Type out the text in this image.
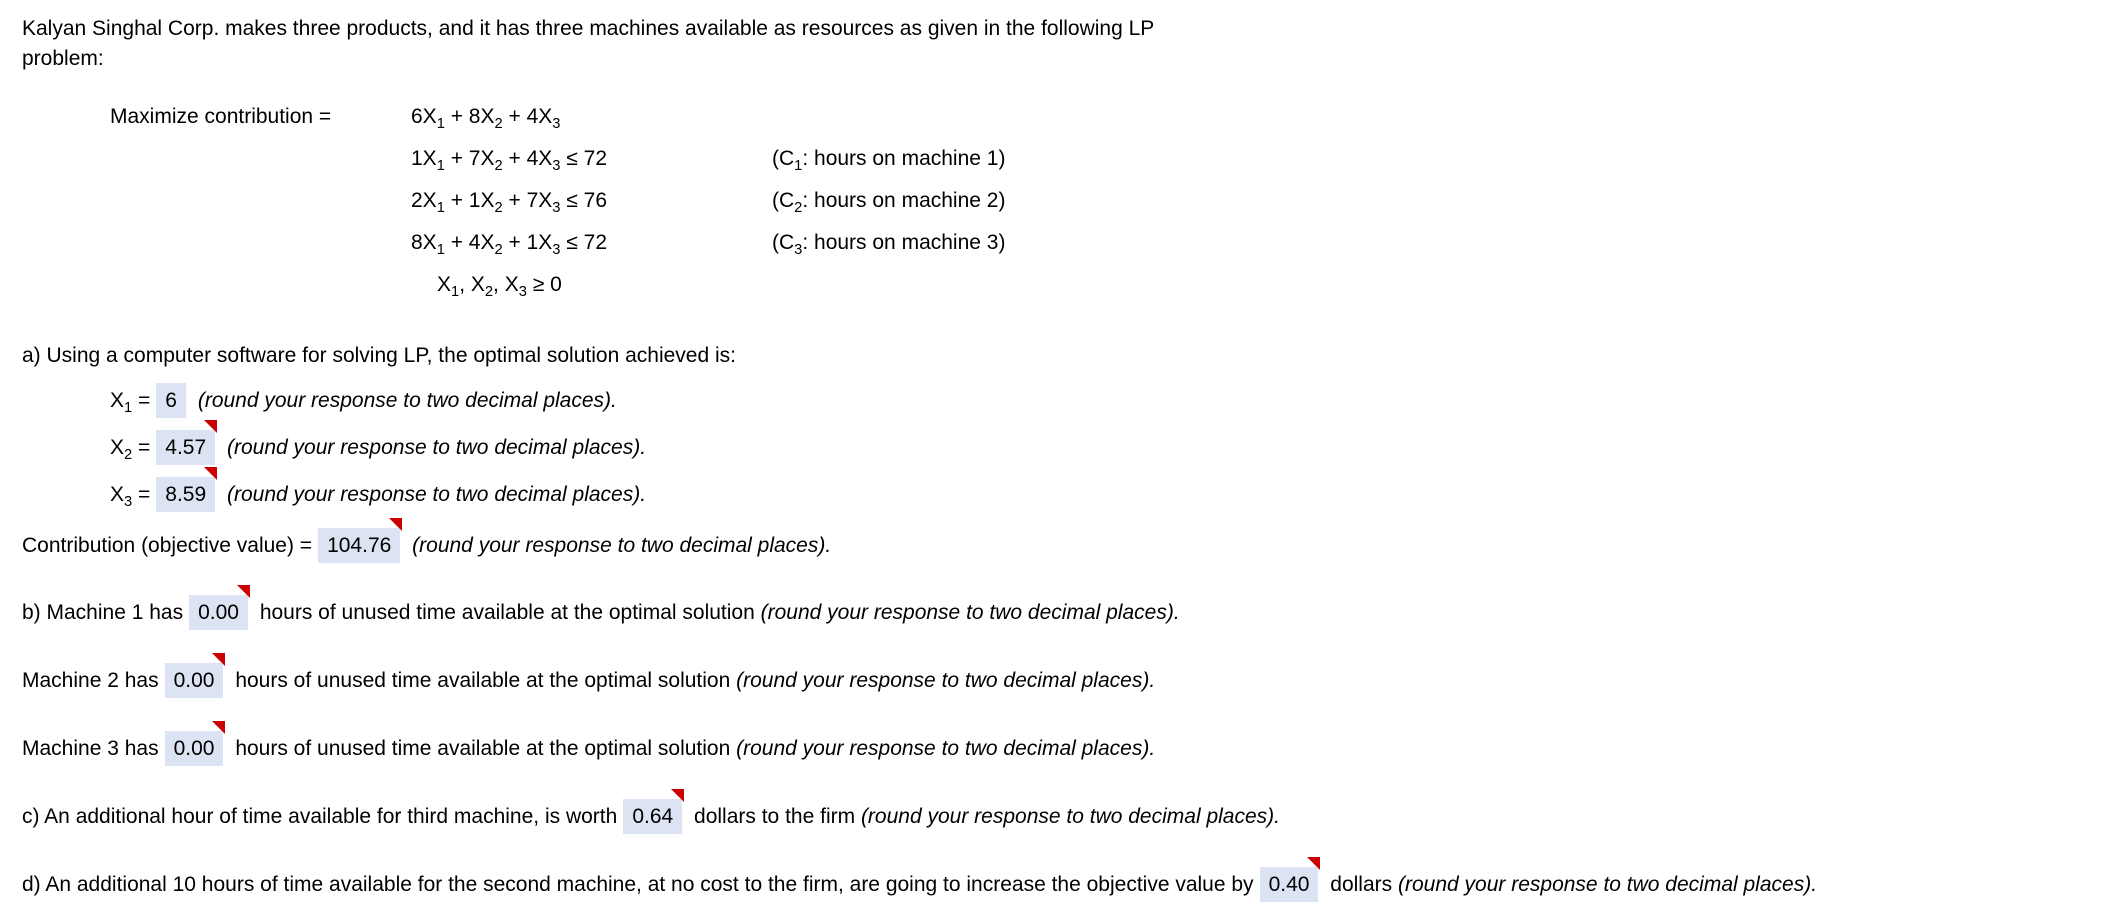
Kalyan Singhal Corp. makes three products, and it has three machines available as resources as given in the following LP
problem:

Maximize contribution =	$6X_1 + 8X_2 + 4X_3$
$1X_1 + 7X_2 + 4X_3 \le 72$	($C_1$: hours on machine 1)
$2X_1 + 1X_2 + 7X_3 \le 76$	($C_2$: hours on machine 2)
$8X_1 + 4X_2 + 1X_3 \le 72$	($C_3$: hours on machine 3)
$X_1$, $X_2$, $X_3 \ge 0$

a) Using a computer software for solving LP, the optimal solution achieved is:

$X_1 = 6$ (round your response to two decimal places).

$X_2 = 4.57$ (round your response to two decimal places).

$X_3 = 8.59$ (round your response to two decimal places).

Contribution (objective value) = 104.76 (round your response to two decimal places).

b) Machine 1 has 0.00 hours of unused time available at the optimal solution (round your response to two decimal places).

Machine 2 has 0.00 hours of unused time available at the optimal solution (round your response to two decimal places).

Machine 3 has 0.00 hours of unused time available at the optimal solution (round your response to two decimal places).

c) An additional hour of time available for third machine, is worth 0.64 dollars to the firm (round your response to two decimal places).

d) An additional 10 hours of time available for the second machine, at no cost to the firm, are going to increase the objective value by 0.40 dollars (round your response to two decimal places).
